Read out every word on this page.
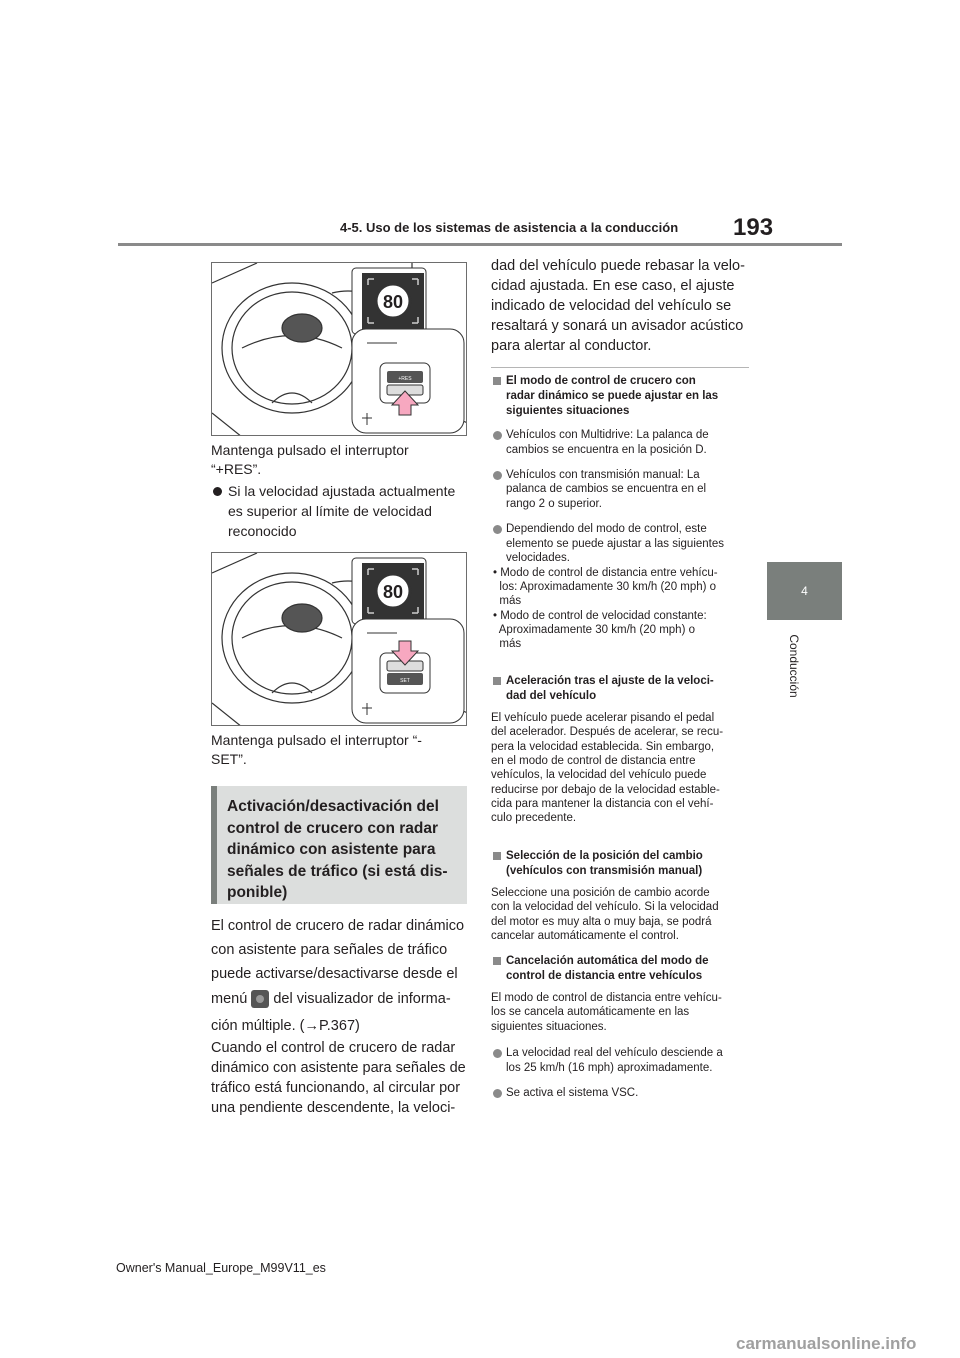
4-5. Uso de los sistemas de asistencia a la conducción 193
4
Conducción
80
+RES
Mantenga pulsado el interruptor
“+RES”.
Si la velocidad ajustada actualmente
es superior al límite de velocidad
reconocido
80
SET
Mantenga pulsado el interruptor “-
SET”.

Activación/desactivación del

control de crucero con radar

dinámico con asistente para

señales de tráfico (si está dis-

ponible)

El control de crucero de radar dinámico
con asistente para señales de tráfico
puede activarse/desactivarse desde el
menú del visualizador de informa-
ción múltiple. (→P.367)
Cuando el control de crucero de radar
dinámico con asistente para señales de
tráfico está funcionando, al circular por
una pendiente descendente, la veloci-
dad del vehículo puede rebasar la velo-
cidad ajustada. En ese caso, el ajuste
indicado de velocidad del vehículo se
resaltará y sonará un avisador acústico
para alertar al conductor.
El modo de control de crucero con
radar dinámico se puede ajustar en las
siguientes situaciones
Vehículos con Multidrive: La palanca de
cambios se encuentra en la posición D.
Vehículos con transmisión manual: La
palanca de cambios se encuentra en el
rango 2 o superior.
Dependiendo del modo de control, este
elemento se puede ajustar a las siguientes
velocidades.
• Modo de control de distancia entre vehícu-
los: Aproximadamente 30 km/h (20 mph) o
más
• Modo de control de velocidad constante:
Aproximadamente 30 km/h (20 mph) o
más
Aceleración tras el ajuste de la veloci-
dad del vehículo
El vehículo puede acelerar pisando el pedal
del acelerador. Después de acelerar, se recu-
pera la velocidad establecida. Sin embargo,
en el modo de control de distancia entre
vehículos, la velocidad del vehículo puede
reducirse por debajo de la velocidad estable-
cida para mantener la distancia con el vehí-
culo precedente.
Selección de la posición del cambio
(vehículos con transmisión manual)
Seleccione una posición de cambio acorde
con la velocidad del vehículo. Si la velocidad
del motor es muy alta o muy baja, se podrá
cancelar automáticamente el control.
Cancelación automática del modo de
control de distancia entre vehículos
El modo de control de distancia entre vehícu-
los se cancela automáticamente en las
siguientes situaciones.
La velocidad real del vehículo desciende a
los 25 km/h (16 mph) aproximadamente.
Se activa el sistema VSC.
Owner's Manual_Europe_M99V11_es
carmanualsonline.info
